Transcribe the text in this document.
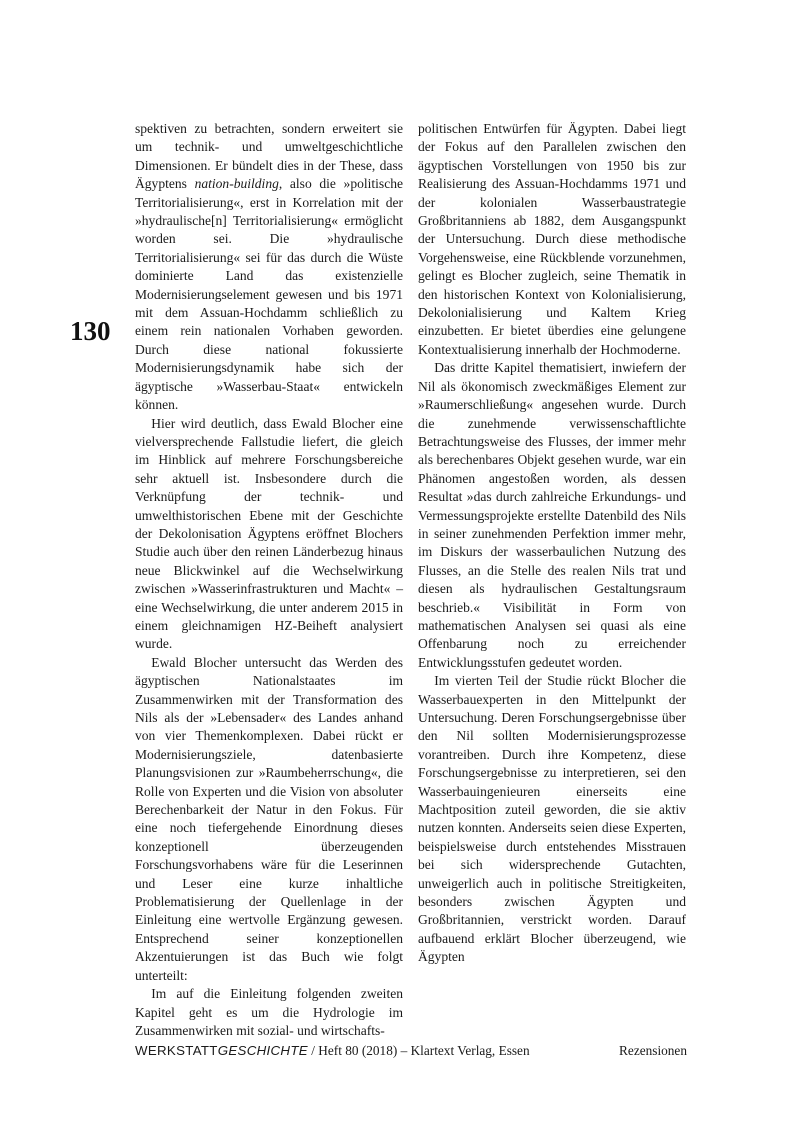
130

spektiven zu betrachten, sondern erweitert sie um technik- und umweltgeschichtliche Dimensionen. Er bündelt dies in der These, dass Ägyptens nation-building, also die »politische Territorialisierung«, erst in Korrelation mit der »hydraulische[n] Territorialisierung« ermöglicht worden sei. Die »hydraulische Territorialisierung« sei für das durch die Wüste dominierte Land das existenzielle Modernisierungselement gewesen und bis 1971 mit dem Assuan-Hochdamm schließlich zu einem rein nationalen Vorhaben geworden. Durch diese national fokussierte Modernisierungsdynamik habe sich der ägyptische »Wasserbau-Staat« entwickeln können.

Hier wird deutlich, dass Ewald Blocher eine vielversprechende Fallstudie liefert, die gleich im Hinblick auf mehrere Forschungsbereiche sehr aktuell ist. Insbesondere durch die Verknüpfung der technik- und umwelthistorischen Ebene mit der Geschichte der Dekolonisation Ägyptens eröffnet Blochers Studie auch über den reinen Länderbezug hinaus neue Blickwinkel auf die Wechselwirkung zwischen »Wasserinfrastrukturen und Macht« – eine Wechselwirkung, die unter anderem 2015 in einem gleichnamigen HZ-Beiheft analysiert wurde.

Ewald Blocher untersucht das Werden des ägyptischen Nationalstaates im Zusammenwirken mit der Transformation des Nils als der »Lebensader« des Landes anhand von vier Themenkomplexen. Dabei rückt er Modernisierungsziele, datenbasierte Planungsvisionen zur »Raumbeherrschung«, die Rolle von Experten und die Vision von absoluter Berechenbarkeit der Natur in den Fokus. Für eine noch tiefergehende Einordnung dieses konzeptionell überzeugenden Forschungsvorhabens wäre für die Leserinnen und Leser eine kurze inhaltliche Problematisierung der Quellenlage in der Einleitung eine wertvolle Ergänzung gewesen. Entsprechend seiner konzeptionellen Akzentuierungen ist das Buch wie folgt unterteilt:

Im auf die Einleitung folgenden zweiten Kapitel geht es um die Hydrologie im Zusammenwirken mit sozial- und wirtschafts-

politischen Entwürfen für Ägypten. Dabei liegt der Fokus auf den Parallelen zwischen den ägyptischen Vorstellungen von 1950 bis zur Realisierung des Assuan-Hochdamms 1971 und der kolonialen Wasserbaustrategie Großbritanniens ab 1882, dem Ausgangspunkt der Untersuchung. Durch diese methodische Vorgehensweise, eine Rückblende vorzunehmen, gelingt es Blocher zugleich, seine Thematik in den historischen Kontext von Kolonialisierung, Dekolonialisierung und Kaltem Krieg einzubetten. Er bietet überdies eine gelungene Kontextualisierung innerhalb der Hochmoderne.

Das dritte Kapitel thematisiert, inwiefern der Nil als ökonomisch zweckmäßiges Element zur »Raumerschließung« angesehen wurde. Durch die zunehmende verwissenschaftlichte Betrachtungsweise des Flusses, der immer mehr als berechenbares Objekt gesehen wurde, war ein Phänomen angestoßen worden, als dessen Resultat »das durch zahlreiche Erkundungs- und Vermessungsprojekte erstellte Datenbild des Nils in seiner zunehmenden Perfektion immer mehr, im Diskurs der wasserbaulichen Nutzung des Flusses, an die Stelle des realen Nils trat und diesen als hydraulischen Gestaltungsraum beschrieb.« Visibilität in Form von mathematischen Analysen sei quasi als eine Offenbarung noch zu erreichender Entwicklungsstufen gedeutet worden.

Im vierten Teil der Studie rückt Blocher die Wasserbauexperten in den Mittelpunkt der Untersuchung. Deren Forschungsergebnisse über den Nil sollten Modernisierungsprozesse vorantreiben. Durch ihre Kompetenz, diese Forschungsergebnisse zu interpretieren, sei den Wasserbauingenieuren einerseits eine Machtposition zuteil geworden, die sie aktiv nutzen konnten. Anderseits seien diese Experten, beispielsweise durch entstehendes Misstrauen bei sich widersprechende Gutachten, unweigerlich auch in politische Streitigkeiten, besonders zwischen Ägypten und Großbritannien, verstrickt worden. Darauf aufbauend erklärt Blocher überzeugend, wie Ägypten

WERKSTATTGESCHICHTE / Heft 80 (2018) – Klartext Verlag, Essen	Rezensionen
